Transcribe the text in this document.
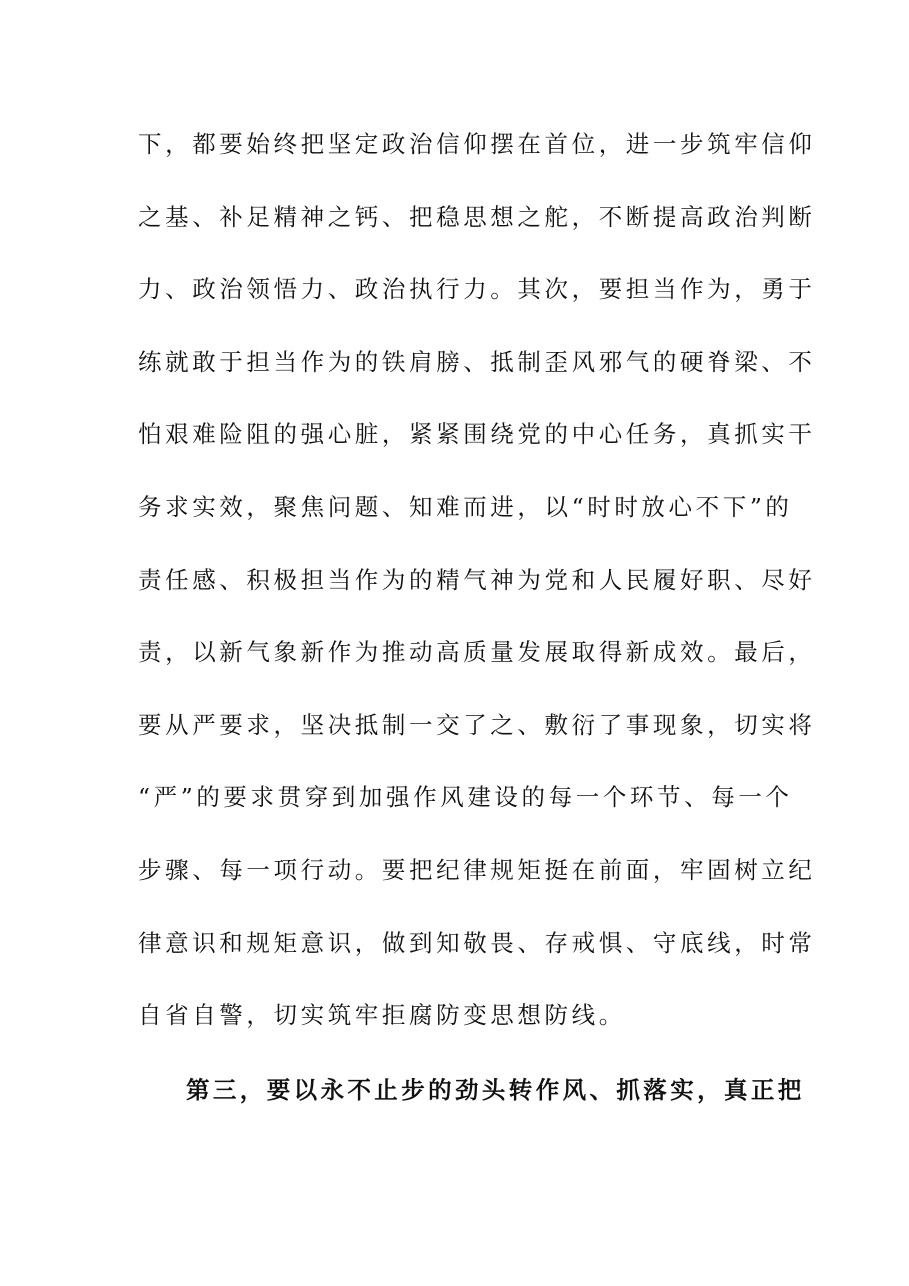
下，都要始终把坚定政治信仰摆在首位，进一步筑牢信仰
之基、补足精神之钙、把稳思想之舵，不断提高政治判断
力、政治领悟力、政治执行力。其次，要担当作为，勇于
练就敢于担当作为的铁肩膀、抵制歪风邪气的硬脊梁、不
怕艰难险阻的强心脏，紧紧围绕党的中心任务，真抓实干
务求实效，聚焦问题、知难而进，以“时时放心不下”的
责任感、积极担当作为的精气神为党和人民履好职、尽好
责，以新气象新作为推动高质量发展取得新成效。最后，
要从严要求，坚决抵制一交了之、敷衍了事现象，切实将
“严”的要求贯穿到加强作风建设的每一个环节、每一个
步骤、每一项行动。要把纪律规矩挺在前面，牢固树立纪
律意识和规矩意识，做到知敬畏、存戒惧、守底线，时常
自省自警，切实筑牢拒腐防变思想防线。
第三，要以永不止步的劲头转作风、抓落实，真正把
